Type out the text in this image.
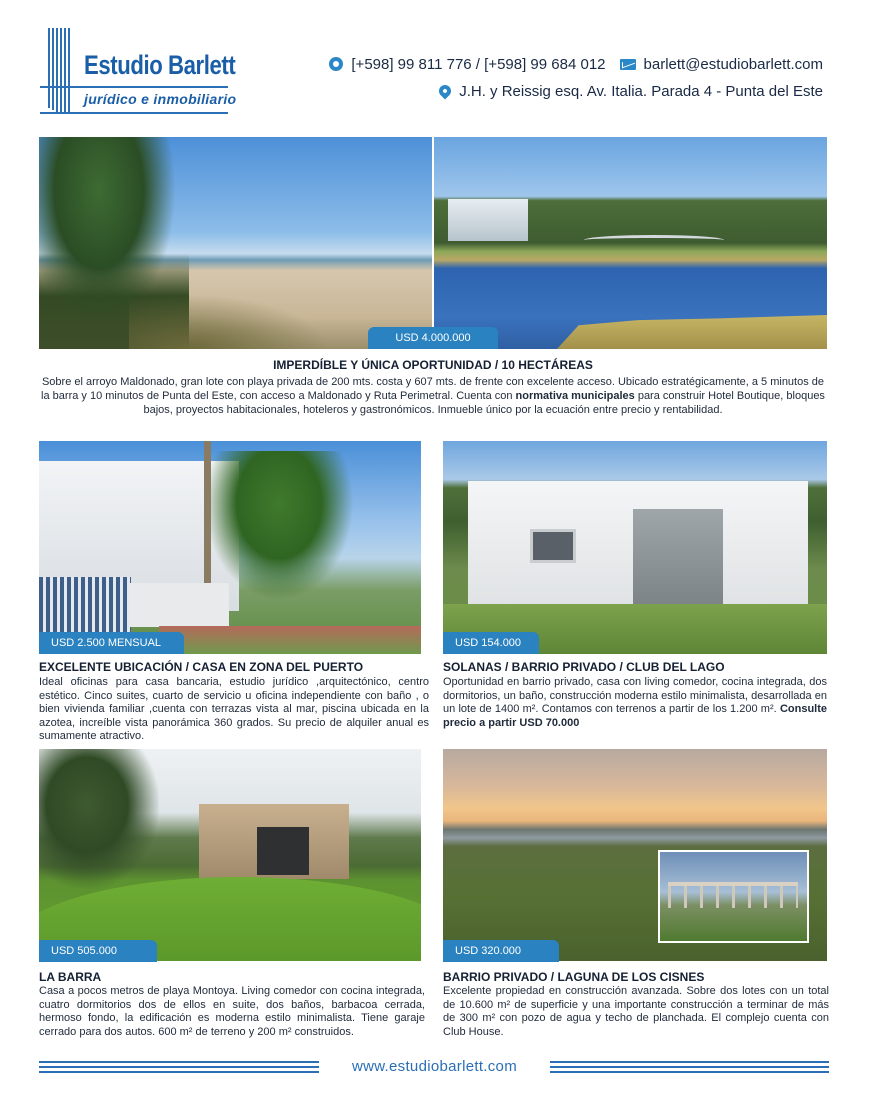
Estudio Barlett
jurídico e inmobiliario
[+598] 99 811 776 / [+598] 99 684 012	barlett@estudiobarlett.com
J.H. y Reissig esq. Av. Italia. Parada 4 - Punta del Este
USD 4.000.000
IMPERDÍBLE Y ÚNICA OPORTUNIDAD / 10 HECTÁREAS
Sobre el arroyo Maldonado, gran lote con playa privada de 200 mts. costa y 607 mts. de frente con excelente acceso. Ubicado estratégicamente, a 5 minutos de la barra y 10 minutos de Punta del Este, con acceso a Maldonado y Ruta Perimetral. Cuenta con normativa municipales para construir Hotel Boutique, bloques bajos, proyectos habitacionales, hoteleros y gastronómicos. Inmueble único por la ecuación entre precio y rentabilidad.
USD 2.500 MENSUAL
EXCELENTE UBICACIÓN / CASA EN ZONA DEL PUERTO
Ideal oficinas para casa bancaria, estudio jurídico ,arquitectónico, centro estético. Cinco suites, cuarto de servicio u oficina independiente con baño , o bien vivienda familiar ,cuenta con terrazas vista al mar, piscina ubicada en la azotea, increíble vista panorámica 360 grados. Su precio de alquiler anual es sumamente atractivo.
USD 154.000
SOLANAS / BARRIO PRIVADO / CLUB DEL LAGO
Oportunidad en barrio privado, casa con living comedor, cocina integrada, dos dormitorios, un baño, construcción moderna estilo minimalista, desarrollada en un lote de 1400 m². Contamos con terrenos a partir de los 1.200 m². Consulte precio a partir USD 70.000
USD 505.000
LA BARRA
Casa a pocos metros de playa Montoya. Living comedor con cocina integrada, cuatro dormitorios dos de ellos en suite, dos baños, barbacoa cerrada, hermoso fondo, la edificación es moderna estilo minimalista. Tiene garaje cerrado para dos autos. 600 m² de terreno y 200 m² construidos.
USD 320.000
BARRIO PRIVADO / LAGUNA DE LOS CISNES
Excelente propiedad en construcción avanzada. Sobre dos lotes con un total de 10.600 m² de superficie y una importante construcción a terminar de más de 300 m² con pozo de agua y techo de planchada. El complejo cuenta con Club House.
www.estudiobarlett.com
